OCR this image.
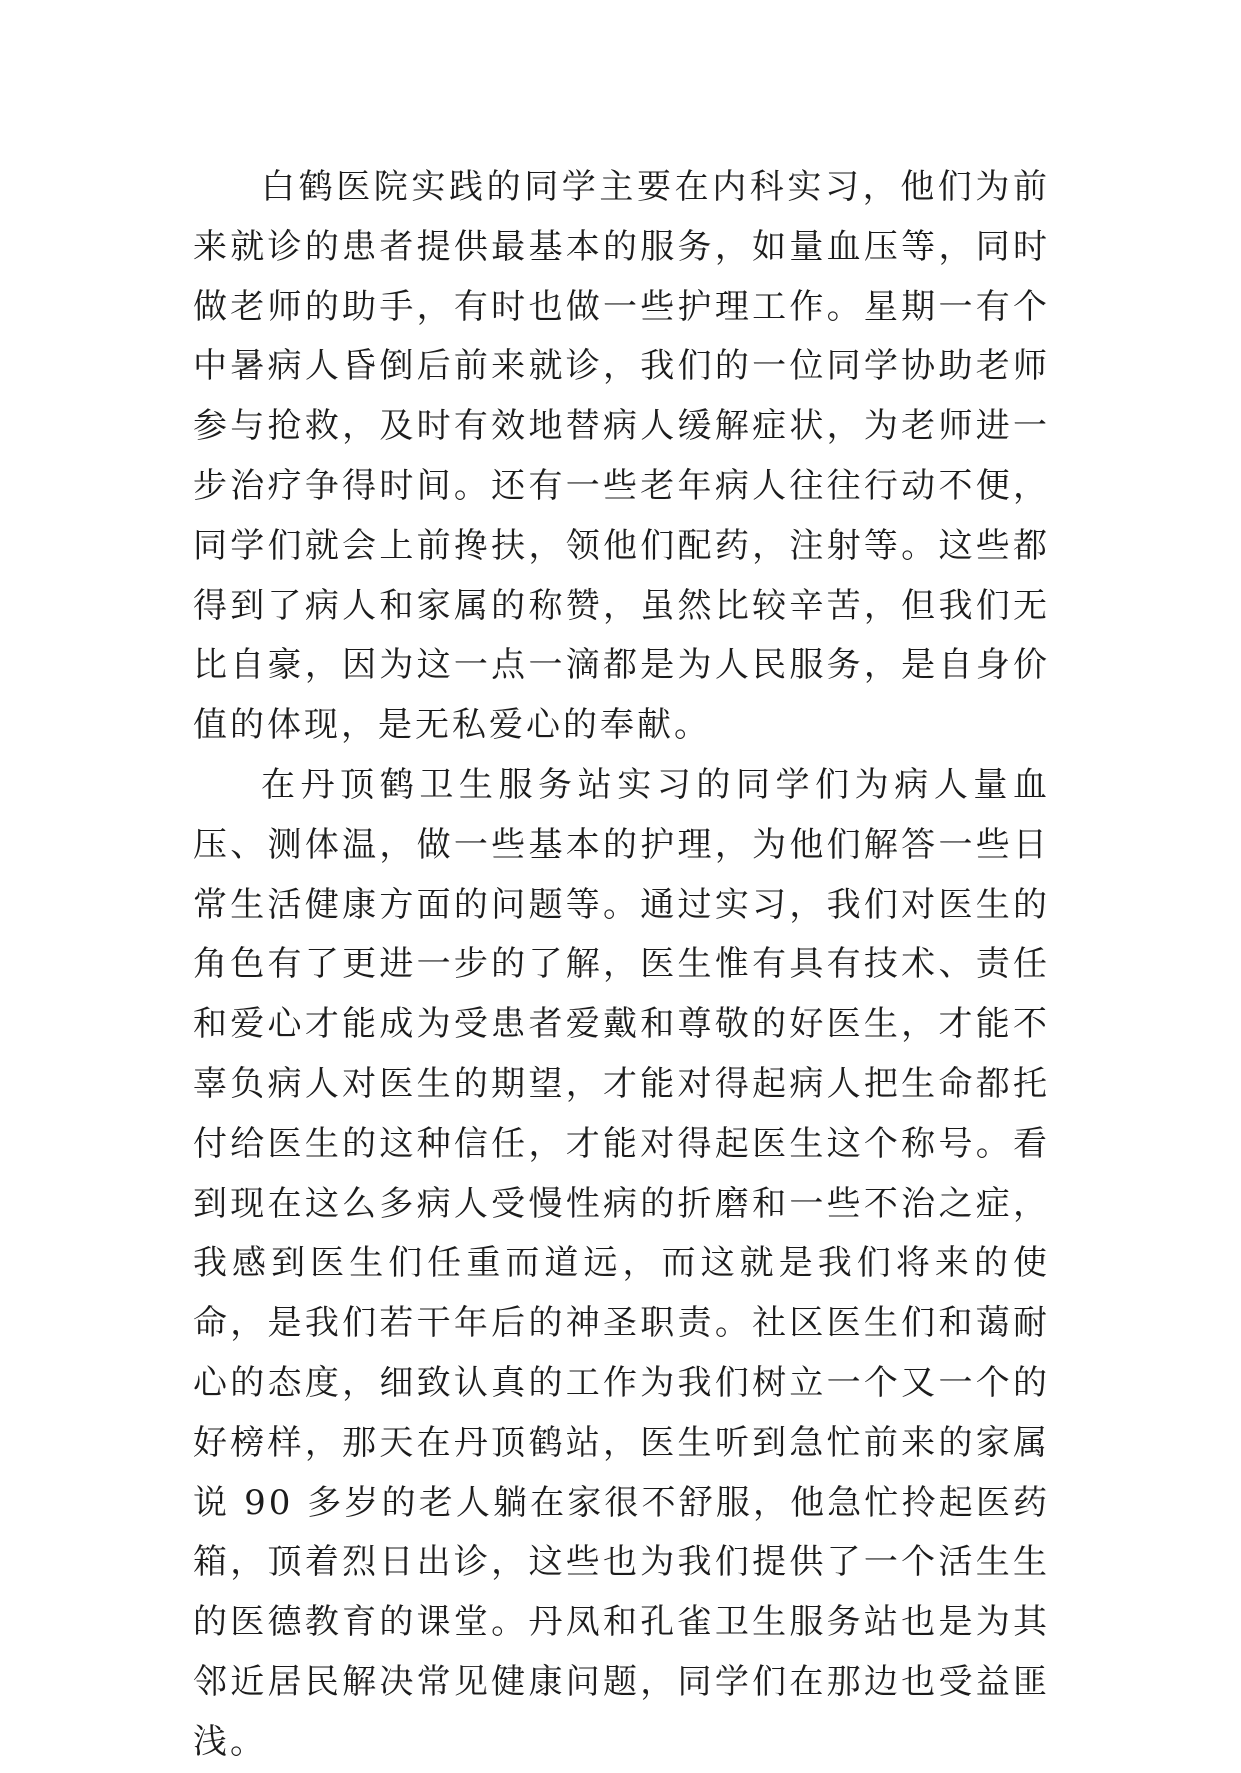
白鹤医院实践的同学主要在内科实习，他们为前来就诊的患者提供最基本的服务，如量血压等，同时做老师的助手，有时也做一些护理工作。星期一有个中暑病人昏倒后前来就诊，我们的一位同学协助老师参与抢救，及时有效地替病人缓解症状，为老师进一步治疗争得时间。还有一些老年病人往往行动不便，同学们就会上前搀扶，领他们配药，注射等。这些都得到了病人和家属的称赞，虽然比较辛苦，但我们无比自豪，因为这一点一滴都是为人民服务，是自身价值的体现，是无私爱心的奉献。

在丹顶鹤卫生服务站实习的同学们为病人量血压、测体温，做一些基本的护理，为他们解答一些日常生活健康方面的问题等。通过实习，我们对医生的角色有了更进一步的了解，医生惟有具有技术、责任和爱心才能成为受患者爱戴和尊敬的好医生，才能不辜负病人对医生的期望，才能对得起病人把生命都托付给医生的这种信任，才能对得起医生这个称号。看到现在这么多病人受慢性病的折磨和一些不治之症，我感到医生们任重而道远，而这就是我们将来的使命，是我们若干年后的神圣职责。社区医生们和蔼耐心的态度，细致认真的工作为我们树立一个又一个的好榜样，那天在丹顶鹤站，医生听到急忙前来的家属说 90 多岁的老人躺在家很不舒服，他急忙拎起医药箱，顶着烈日出诊，这些也为我们提供了一个活生生的医德教育的课堂。丹凤和孔雀卫生服务站也是为其邻近居民解决常见健康问题，同学们在那边也受益匪浅。
